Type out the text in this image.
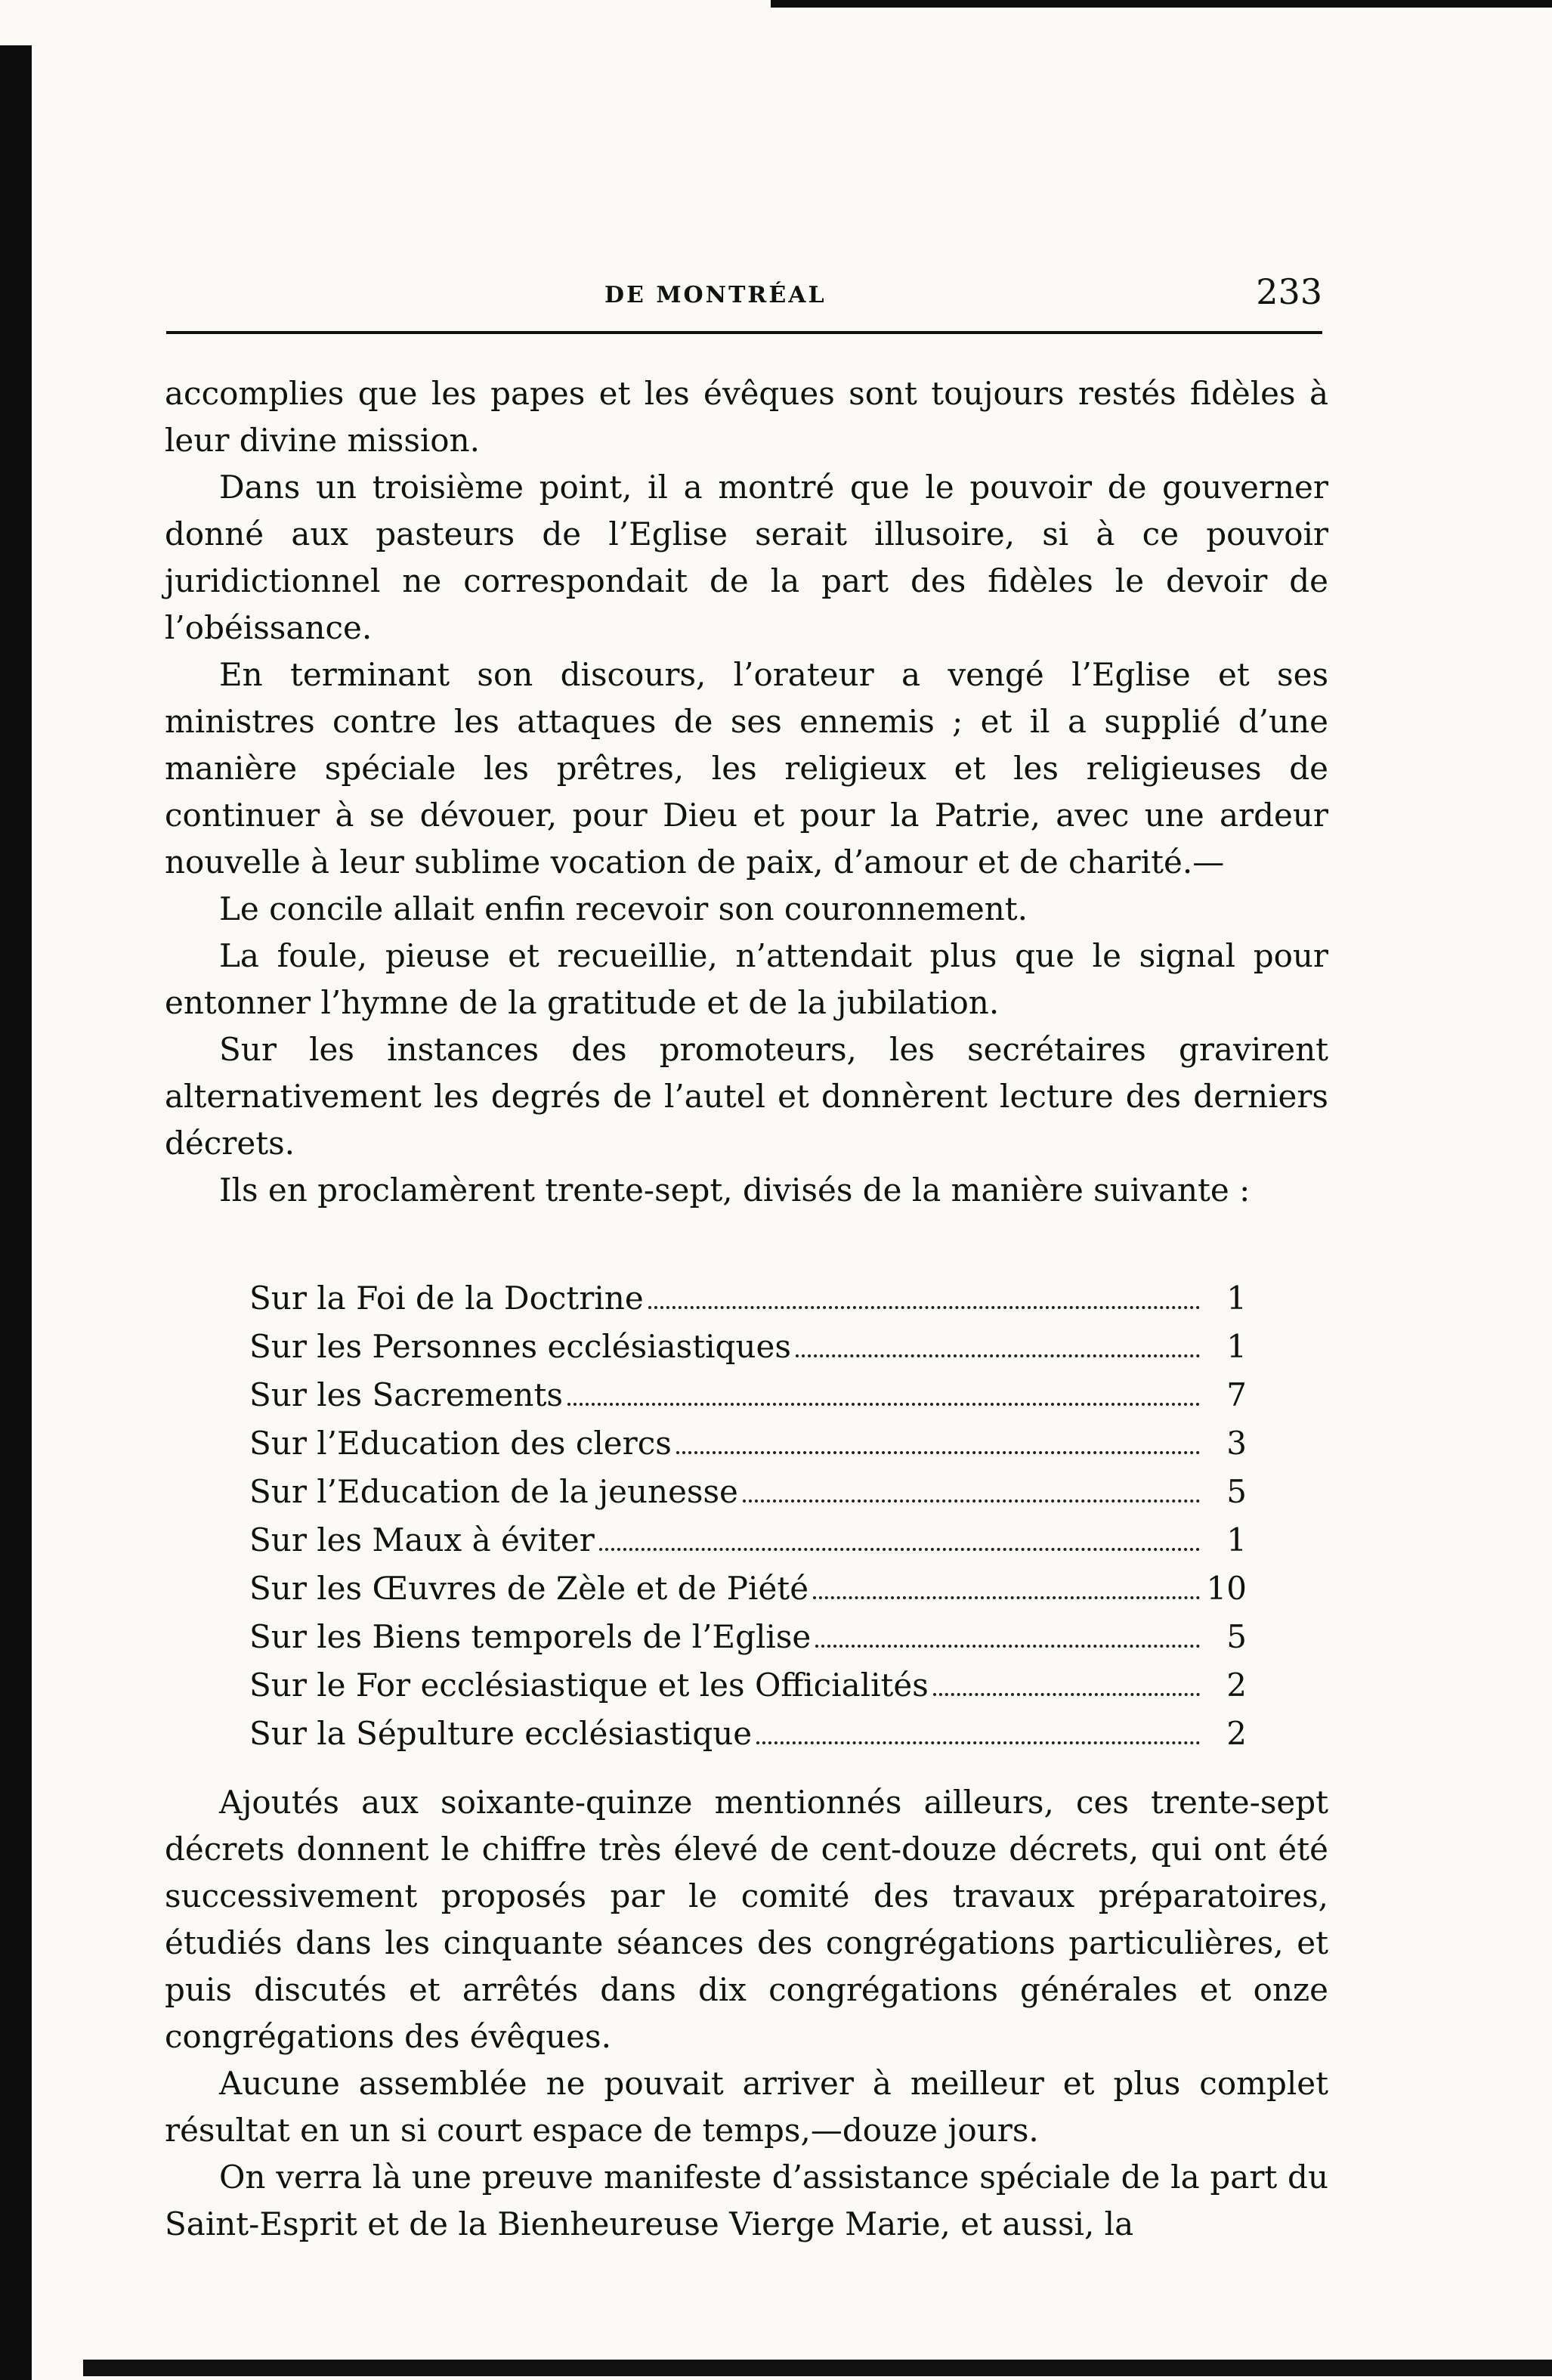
DE MONTRÉAL	233

accomplies que les papes et les évêques sont toujours restés fidèles à leur divine mission.

Dans un troisième point, il a montré que le pouvoir de gouverner donné aux pasteurs de l’Eglise serait illusoire, si à ce pouvoir juridictionnel ne correspondait de la part des fidèles le devoir de l’obéissance.

En terminant son discours, l’orateur a vengé l’Eglise et ses ministres contre les attaques de ses ennemis ; et il a supplié d’une manière spéciale les prêtres, les religieux et les religieuses de continuer à se dévouer, pour Dieu et pour la Patrie, avec une ardeur nouvelle à leur sublime vocation de paix, d’amour et de charité.—

Le concile allait enfin recevoir son couronnement.

La foule, pieuse et recueillie, n’attendait plus que le signal pour entonner l’hymne de la gratitude et de la jubilation.

Sur les instances des promoteurs, les secrétaires gravirent alternativement les degrés de l’autel et donnèrent lecture des derniers décrets.

Ils en proclamèrent trente-sept, divisés de la manière suivante :

Sur la Foi de la Doctrine	1
Sur les Personnes ecclésiastiques	1
Sur les Sacrements	7
Sur l’Education des clercs	3
Sur l’Education de la jeunesse	5
Sur les Maux à éviter	1
Sur les Œuvres de Zèle et de Piété	10
Sur les Biens temporels de l’Eglise	5
Sur le For ecclésiastique et les Officialités	2
Sur la Sépulture ecclésiastique	2

Ajoutés aux soixante-quinze mentionnés ailleurs, ces trente-sept décrets donnent le chiffre très élevé de cent-douze décrets, qui ont été successivement proposés par le comité des travaux préparatoires, étudiés dans les cinquante séances des congrégations particulières, et puis discutés et arrêtés dans dix congrégations générales et onze congrégations des évêques.

Aucune assemblée ne pouvait arriver à meilleur et plus complet résultat en un si court espace de temps,—douze jours.

On verra là une preuve manifeste d’assistance spéciale de la part du Saint-Esprit et de la Bienheureuse Vierge Marie, et aussi, la
